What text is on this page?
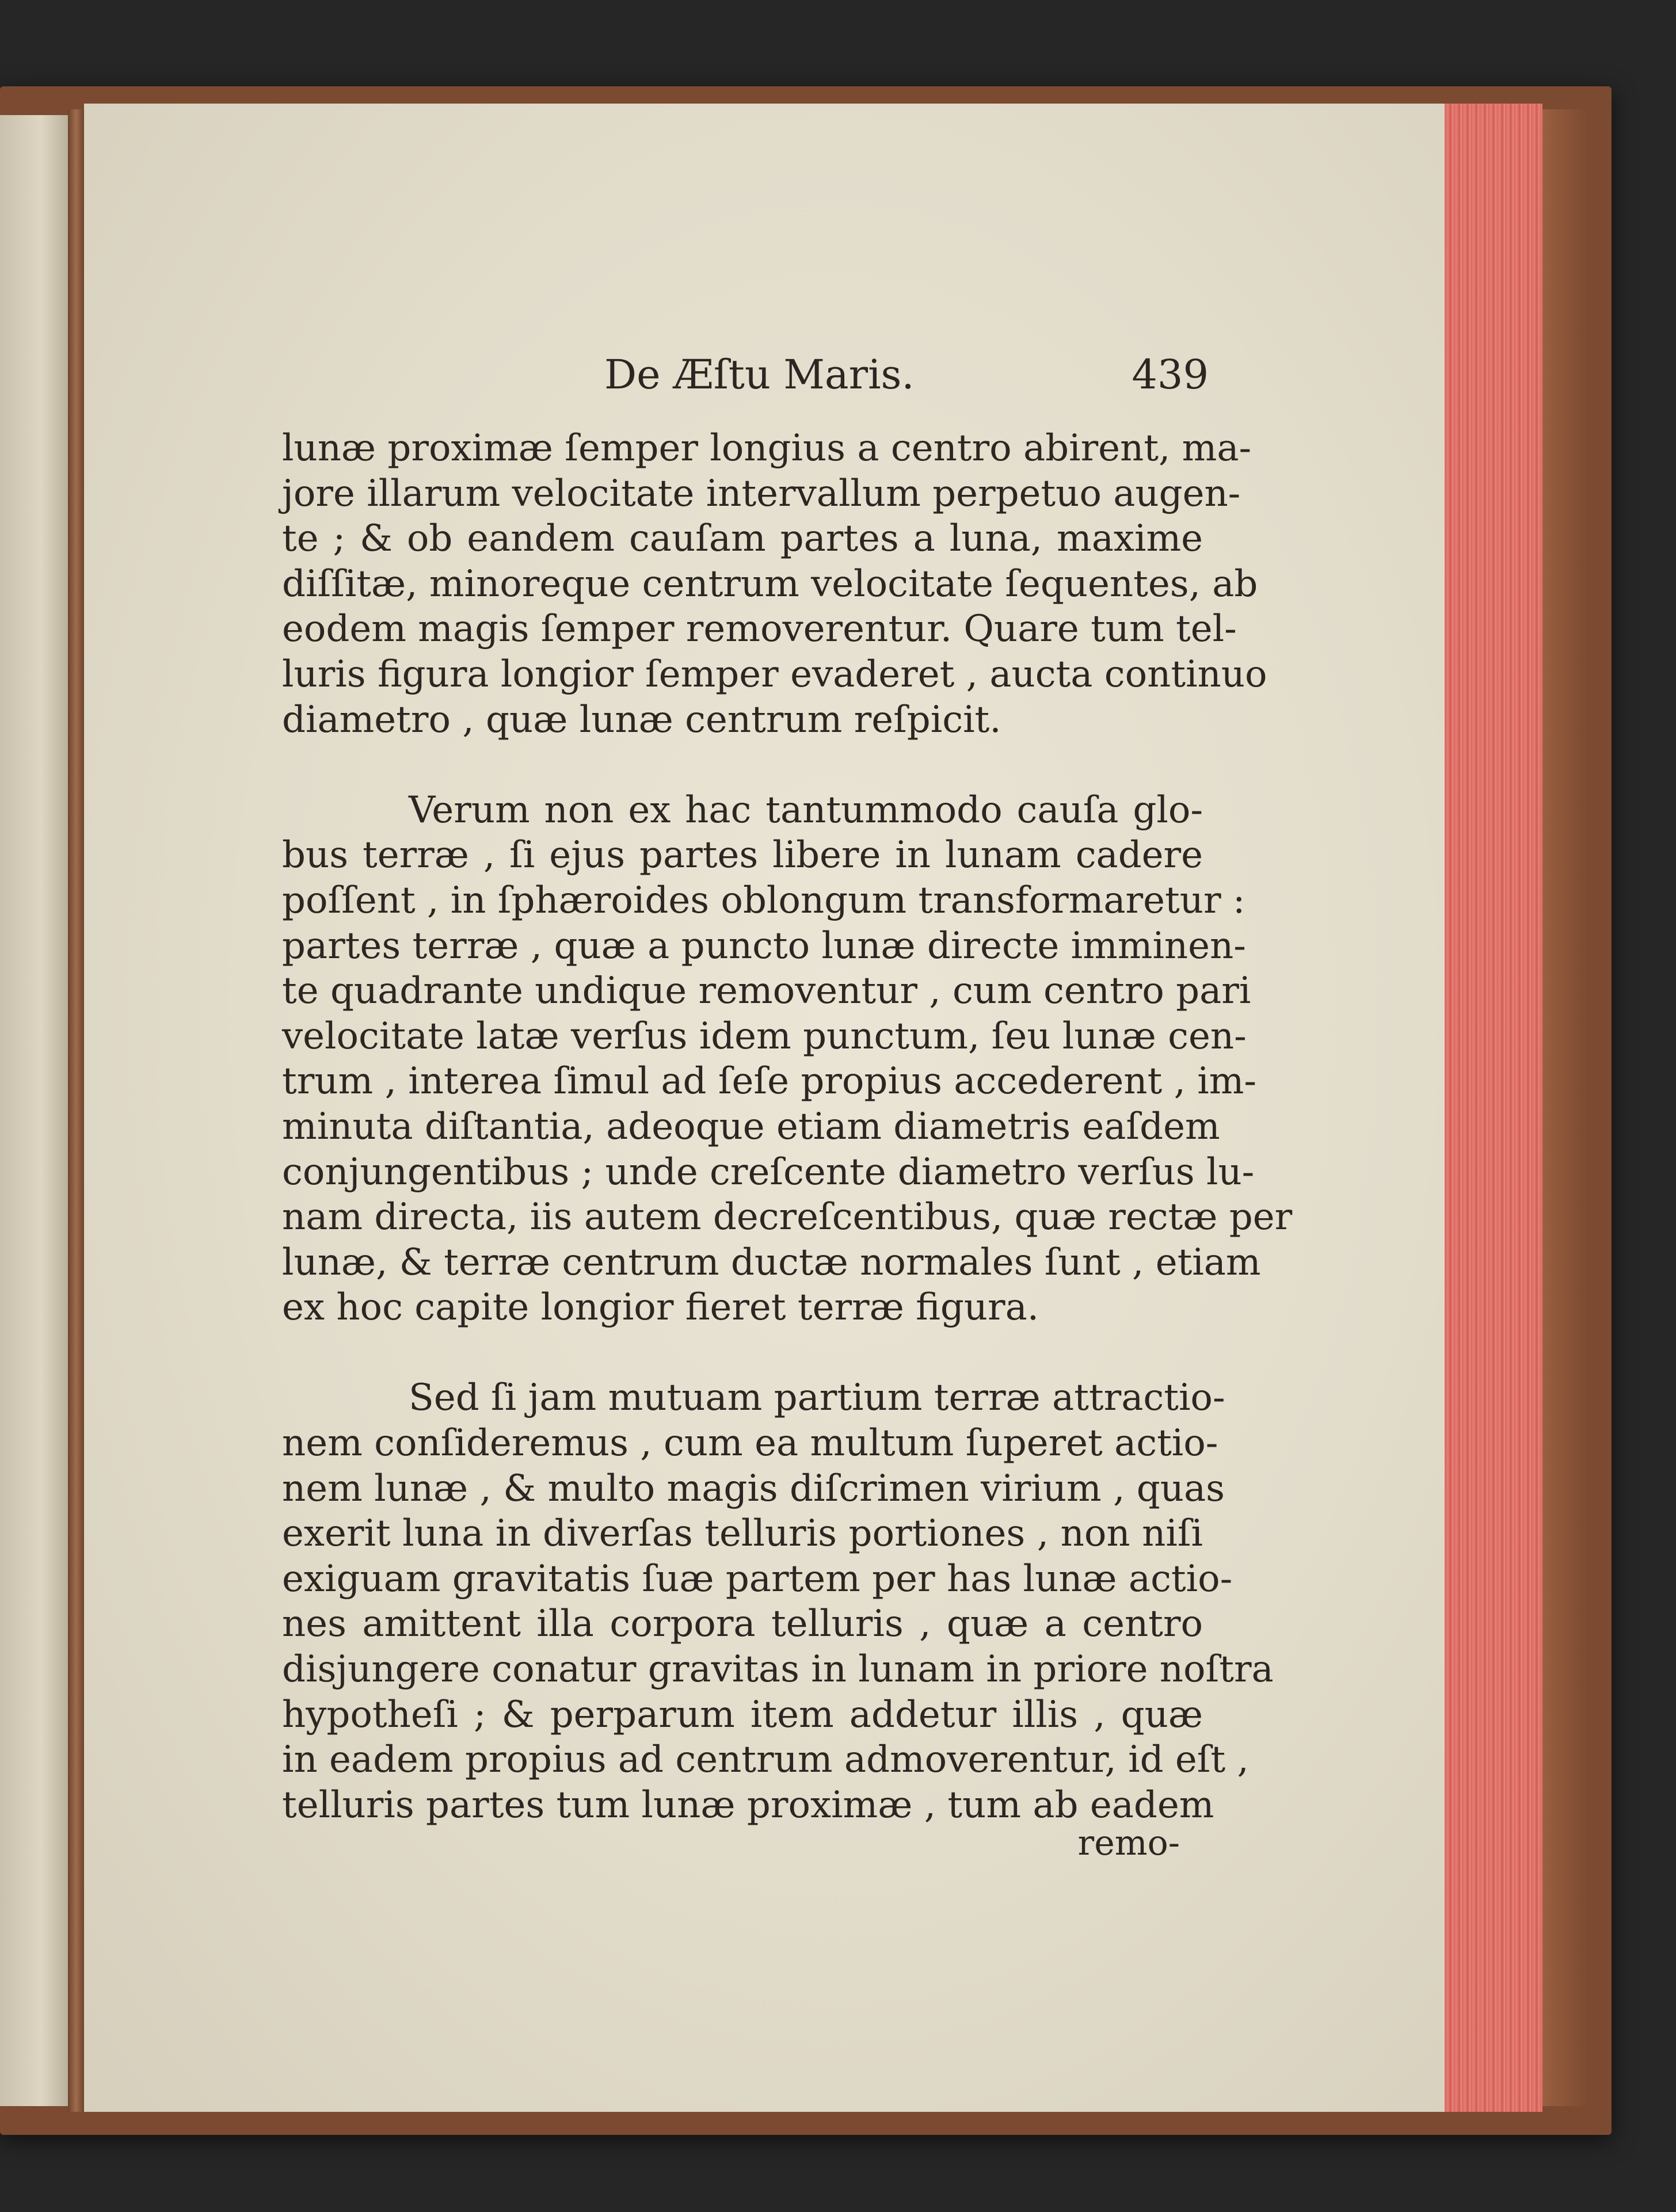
De Æſtu Maris.	439
lunæ proximæ ſemper longius a centro abirent, ma-
jore illarum velocitate intervallum perpetuo augen-
te ; & ob eandem cauſam partes a luna, maxime
diſſitæ, minoreque centrum velocitate ſequentes, ab
eodem magis ſemper removerentur. Quare tum tel-
luris figura longior ſemper evaderet , aucta continuo
diametro , quæ lunæ centrum reſpicit.
Verum non ex hac tantummodo cauſa glo-
bus terræ , ſi ejus partes libere in lunam cadere
poſſent , in ſphæroides oblongum transformaretur :
partes terræ , quæ a puncto lunæ directe imminen-
te quadrante undique removentur , cum centro pari
velocitate latæ verſus idem punctum, ſeu lunæ cen-
trum , interea ſimul ad ſeſe propius accederent , im-
minuta diſtantia, adeoque etiam diametris eaſdem
conjungentibus ; unde creſcente diametro verſus lu-
nam directa, iis autem decreſcentibus, quæ rectæ per
lunæ, & terræ centrum ductæ normales ſunt , etiam
ex hoc capite longior fieret terræ figura.
Sed ſi jam mutuam partium terræ attractio-
nem conſideremus , cum ea multum ſuperet actio-
nem lunæ , & multo magis diſcrimen virium , quas
exerit luna in diverſas telluris portiones , non niſi
exiguam gravitatis ſuæ partem per has lunæ actio-
nes amittent illa corpora telluris , quæ a centro
disjungere conatur gravitas in lunam in priore noſtra
hypotheſi ; & perparum item addetur illis , quæ
in eadem propius ad centrum admoverentur, id eſt ,
telluris partes tum lunæ proximæ , tum ab eadem
remo-
